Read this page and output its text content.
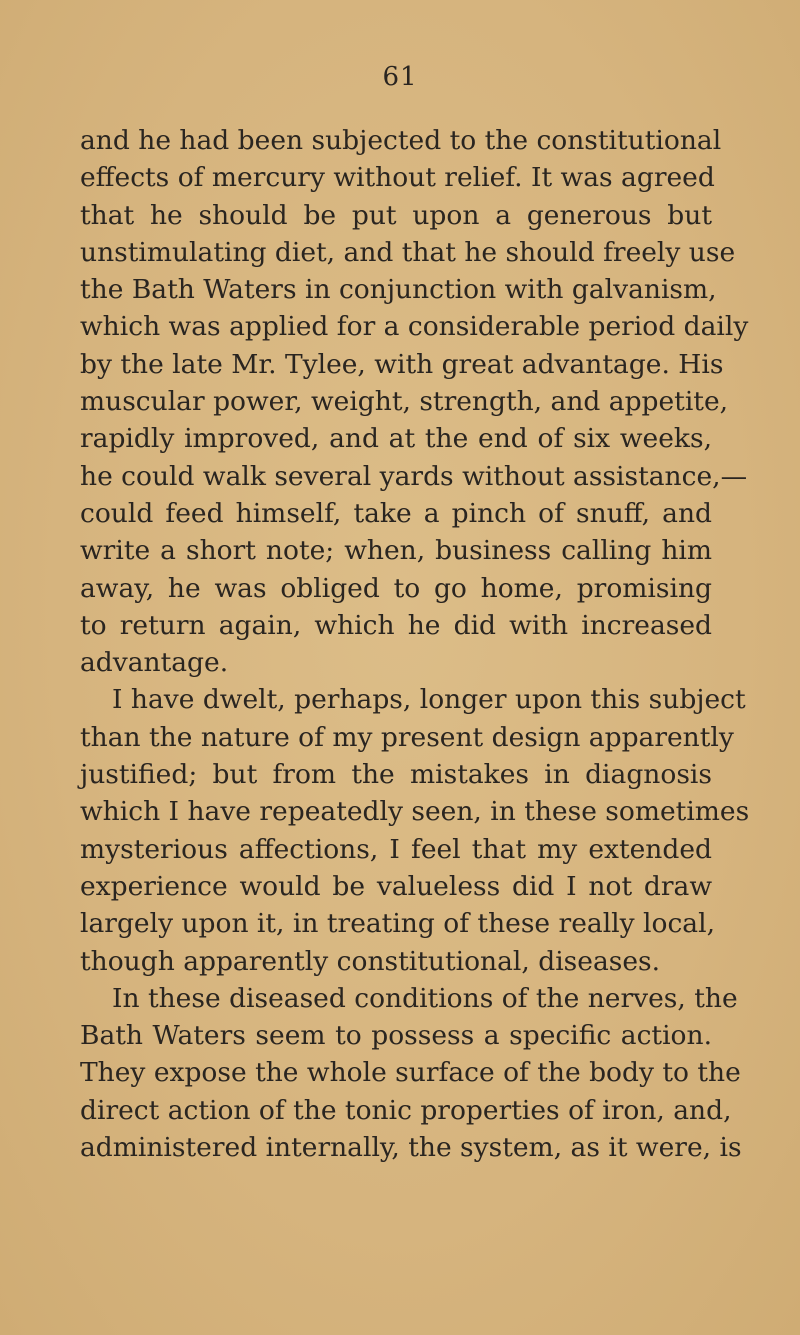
61
and he had been subjected to the constitutional
effects of mercury without relief. It was agreed
that he should be put upon a generous but
unstimulating diet, and that he should freely use
the Bath Waters in conjunction with galvanism,
which was applied for a considerable period daily
by the late Mr. Tylee, with great advantage. His
muscular power, weight, strength, and appetite,
rapidly improved, and at the end of six weeks,
he could walk several yards without assistance,—
could feed himself, take a pinch of snuff, and
write a short note; when, business calling him
away, he was obliged to go home, promising
to return again, which he did with increased
advantage.
I have dwelt, perhaps, longer upon this subject
than the nature of my present design apparently
justified; but from the mistakes in diagnosis
which I have repeatedly seen, in these sometimes
mysterious affections, I feel that my extended
experience would be valueless did I not draw
largely upon it, in treating of these really local,
though apparently constitutional, diseases.
In these diseased conditions of the nerves, the
Bath Waters seem to possess a specific action.
They expose the whole surface of the body to the
direct action of the tonic properties of iron, and,
administered internally, the system, as it were, is
